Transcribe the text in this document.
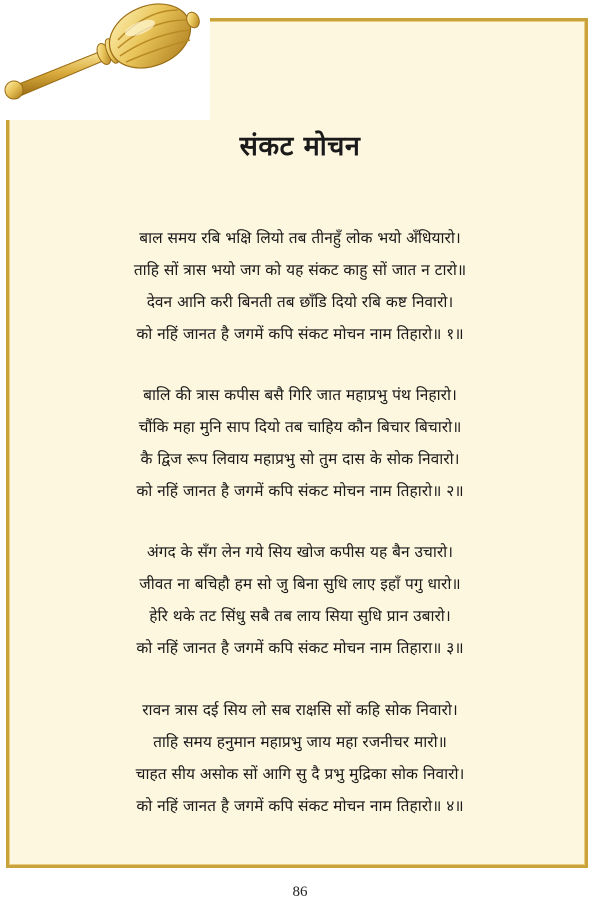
संकट मोचन
बाल समय रबि भक्षि लियो तब तीनहुँ लोक भयो अँधियारो।
ताहि सों त्रास भयो जग को यह संकट काहु सों जात न टारो॥
देवन आनि करी बिनती तब छाँडि दियो रबि कष्ट निवारो।
को नहिं जानत है जगमें कपि संकट मोचन नाम तिहारो॥ १॥
बालि की त्रास कपीस बसै गिरि जात महाप्रभु पंथ निहारो।
चौंकि महा मुनि साप दियो तब चाहिय कौन बिचार बिचारो॥
कै द्विज रूप लिवाय महाप्रभु सो तुम दास के सोक निवारो।
को नहिं जानत है जगमें कपि संकट मोचन नाम तिहारो॥ २॥
अंगद के सँग लेन गये सिय खोज कपीस यह बैन उचारो।
जीवत ना बचिहौ हम सो जु बिना सुधि लाए इहाँ पगु धारो॥
हेरि थके तट सिंधु सबै तब लाय सिया सुधि प्रान उबारो।
को नहिं जानत है जगमें कपि संकट मोचन नाम तिहारा॥ ३॥
रावन त्रास दई सिय लो सब राक्षसि सों कहि सोक निवारो।
ताहि समय हनुमान महाप्रभु जाय महा रजनीचर मारो॥
चाहत सीय असोक सों आगि सु दै प्रभु मुद्रिका सोक निवारो।
को नहिं जानत है जगमें कपि संकट मोचन नाम तिहारो॥ ४॥
86
